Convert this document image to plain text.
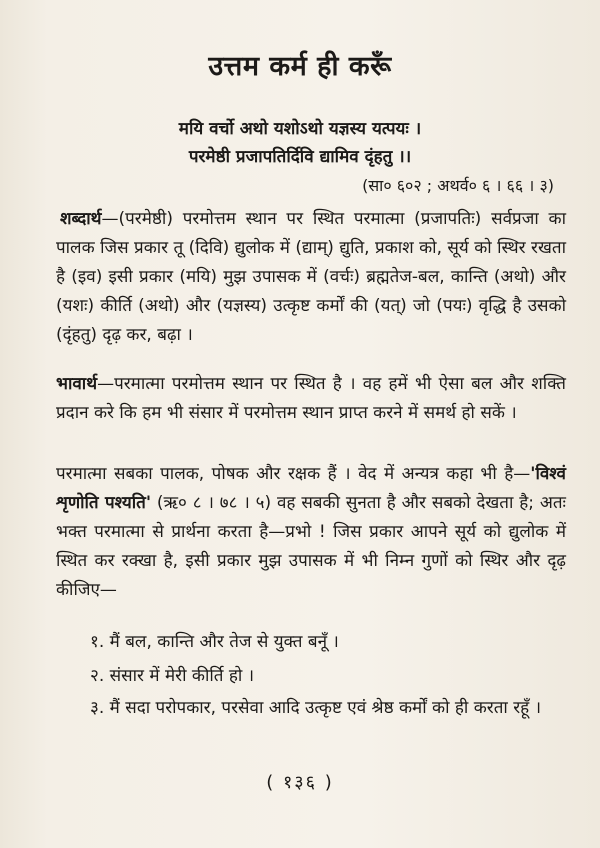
उत्तम कर्म ही करूँ
मयि वर्चो अथो यशोऽथो यज्ञस्य यत्पयः ।
परमेष्ठी प्रजापतिर्दिवि द्यामिव दृंहतु ।।
(सा० ६०२ ; अथर्व० ६ । ६६ । ३)
शब्दार्थ—(परमेष्ठी) परमोत्तम स्थान पर स्थित परमात्मा (प्रजापतिः) सर्वप्रजा का पालक जिस प्रकार तू (दिवि) द्युलोक में (द्याम्) द्युति, प्रकाश को, सूर्य को स्थिर रखता है (इव) इसी प्रकार (मयि) मुझ उपासक में (वर्चः) ब्रह्मतेज-बल, कान्ति (अथो) और (यशः) कीर्ति (अथो) और (यज्ञस्य) उत्कृष्ट कर्मों की (यत्) जो (पयः) वृद्धि है उसको (दृंहतु) दृढ़ कर, बढ़ा ।
भावार्थ—परमात्मा परमोत्तम स्थान पर स्थित है । वह हमें भी ऐसा बल और शक्ति प्रदान करे कि हम भी संसार में परमोत्तम स्थान प्राप्त करने में समर्थ हो सकें ।
परमात्मा सबका पालक, पोषक और रक्षक हैं । वेद में अन्यत्र कहा भी है—'विश्वं शृणोति पश्यति' (ऋ० ८ । ७८ । ५) वह सबकी सुनता है और सबको देखता है; अतः भक्त परमात्मा से प्रार्थना करता है—प्रभो ! जिस प्रकार आपने सूर्य को द्युलोक में स्थित कर रक्खा है, इसी प्रकार मुझ उपासक में भी निम्न गुणों को स्थिर और दृढ़ कीजिए—
१. मैं बल, कान्ति और तेज से युक्त बनूँ ।
२. संसार में मेरी कीर्ति हो ।
३. मैं सदा परोपकार, परसेवा आदि उत्कृष्ट एवं श्रेष्ठ कर्मों को ही करता रहूँ ।
( १३६ )
